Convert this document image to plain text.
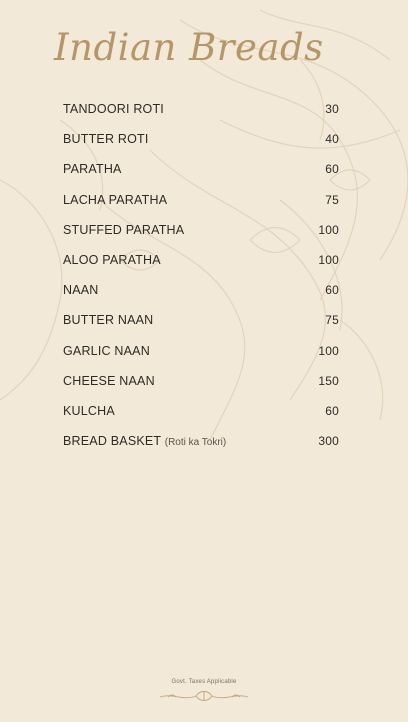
Indian Breads
TANDOORI ROTI	30
BUTTER ROTI	40
PARATHA	60
LACHA PARATHA	75
STUFFED PARATHA	100
ALOO PARATHA	100
NAAN	60
BUTTER NAAN	75
GARLIC NAAN	100
CHEESE NAAN	150
KULCHA	60
BREAD BASKET (Roti ka Tokri)	300
Govt. Taxes Applicable
